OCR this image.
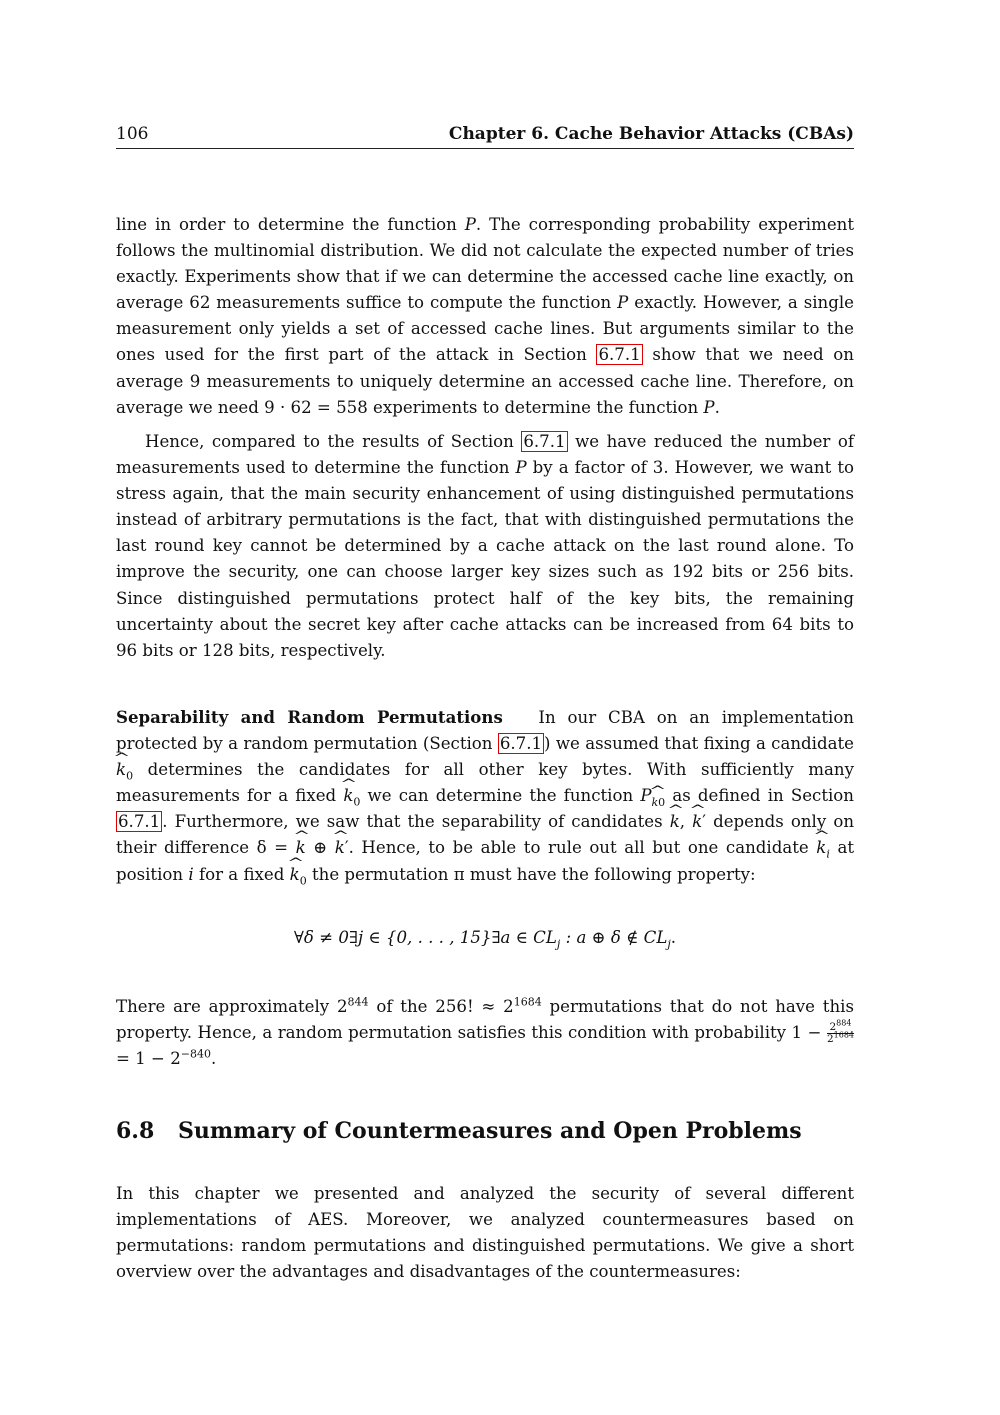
106	Chapter 6. Cache Behavior Attacks (CBAs)

line in order to determine the function P. The corresponding probability experiment follows the multinomial distribution. We did not calculate the expected number of tries exactly. Experiments show that if we can determine the accessed cache line exactly, on average 62 measurements suffice to compute the function P exactly. However, a single measurement only yields a set of accessed cache lines. But arguments similar to the ones used for the first part of the attack in Section 6.7.1 show that we need on average 9 measurements to uniquely determine an accessed cache line. Therefore, on average we need 9 · 62 = 558 experiments to determine the function P.

Hence, compared to the results of Section 6.7.1 we have reduced the number of measurements used to determine the function P by a factor of 3. However, we want to stress again, that the main security enhancement of using distinguished permutations instead of arbitrary permutations is the fact, that with distinguished permutations the last round key cannot be determined by a cache attack on the last round alone. To improve the security, one can choose larger key sizes such as 192 bits or 256 bits. Since distinguished permutations protect half of the key bits, the remaining uncertainty about the secret key after cache attacks can be increased from 64 bits to 96 bits or 128 bits, respectively.

Separability and Random Permutations In our CBA on an implementation protected by a random permutation (Section 6.7.1 ) we assumed that fixing a candidate ^ $k_0$ determines the candidates for all other key bytes. With sufficiently many measurements for a fixed ^ $k_0$ we can determine the function $P_{k0}$ as defined in Section 6.7.1 . Furthermore, we saw that the separability of candidates ^ k, ^ k′ depends only on their difference δ = ^ k ⊕ ^ k′. Hence, to be able to rule out all but one candidate ^ $k_i$ at position i for a fixed ^ $k_0$ the permutation π must have the following property:

∀δ ≠ 0∃j ∈ {0, . . . , 15}∃a ∈ $CL_j$ : a ⊕ δ ∉ $CL_j$.

There are approximately $2^{844}$ of the 256! ≈ $2^{1684}$ permutations that do not have this property. Hence, a random permutation satisfies this condition with probability $1 - \frac{2^{884}}{2^{1684}}$
= $1 - 2^{-840}$.

6.8 Summary of Countermeasures and Open Problems

In this chapter we presented and analyzed the security of several different implementations of AES. Moreover, we analyzed countermeasures based on permutations: random permutations and distinguished permutations. We give a short overview over the advantages and disadvantages of the countermeasures:
